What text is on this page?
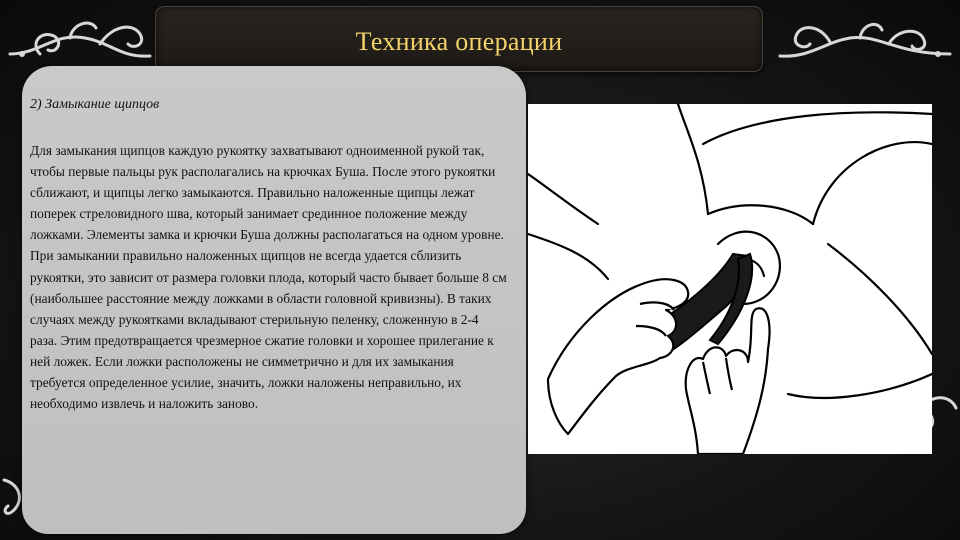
Техника операции
2) Замыкание щипцов

Для замыкания щипцов каждую рукоятку захватывают одноименной рукой так, чтобы первые пальцы рук располагались на крючках Буша. После этого рукоятки сближают, и щипцы легко замыкаются. Правильно наложенные щипцы лежат поперек стреловидного шва, который занимает срединное положение между ложками. Элементы замка и крючки Буша должны располагаться на одном уровне. При замыкании правильно наложенных щипцов не всегда удается сблизить рукоятки, это зависит от размера головки плода, который часто бывает больше 8 см (наибольшее расстояние между ложками в области головной кривизны). В таких случаях между рукоятками вкладывают стерильную пеленку, сложенную в 2-4 раза. Этим предотвращается чрезмерное сжатие головки и хорошее прилегание к ней ложек. Если ложки расположены не симметрично и для их замыкания требуется определенное усилие, значить, ложки наложены неправильно, их необходимо извлечь и наложить заново.
